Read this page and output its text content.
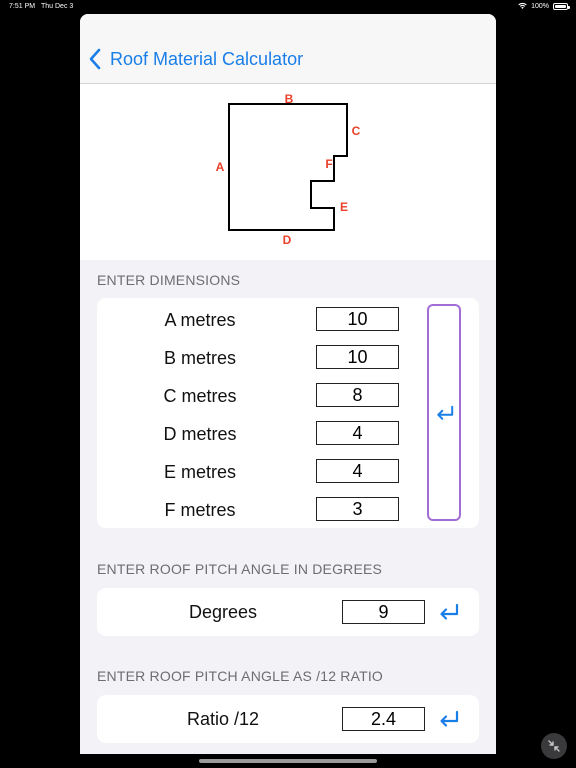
7:51 PM Thu Dec 3	100%
Roof Material Calculator
B
C
A	F
E
D
ENTER DIMENSIONS
A metres	10
B metres	10
C metres	8
D metres	4
E metres	4
F metres	3
ENTER ROOF PITCH ANGLE IN DEGREES
Degrees	9
ENTER ROOF PITCH ANGLE AS /12 RATIO
Ratio /12	2.4
